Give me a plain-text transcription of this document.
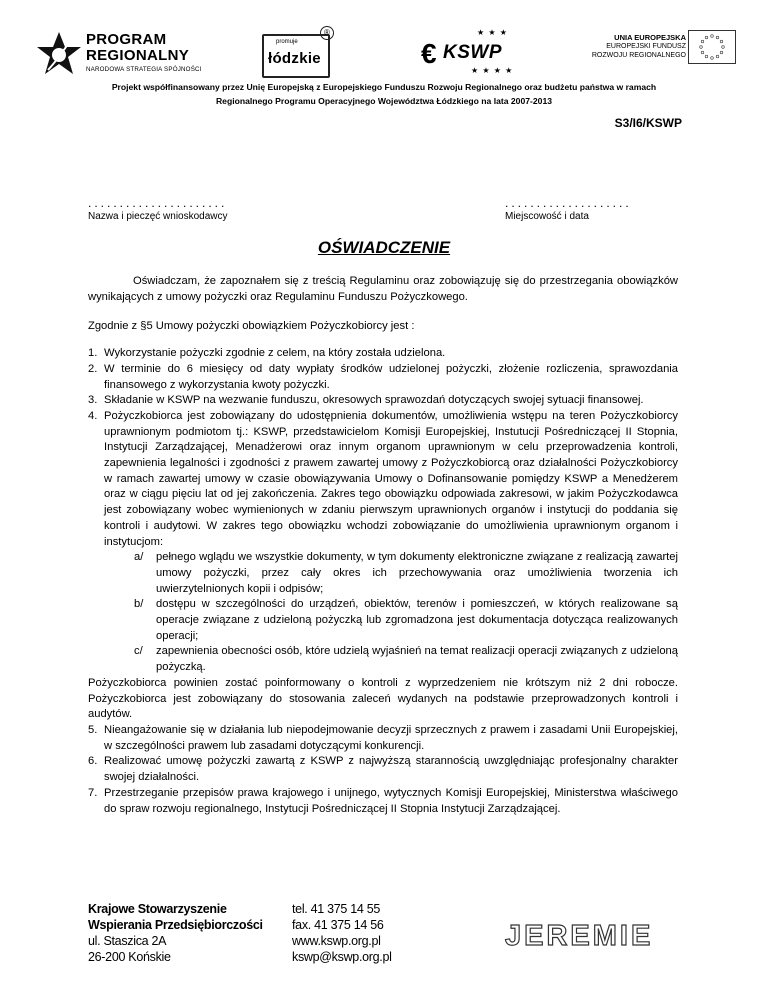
PROGRAM
REGIONALNY
NARODOWA STRATEGIA SPÓJNOŚCI
promuje
łódzkie
®
€ KSWP
★ ★ ★
★ ★ ★ ★
UNIA EUROPEJSKA
EUROPEJSKI FUNDUSZ
ROZWOJU REGIONALNEGO
Projekt współfinansowany przez Unię Europejską z Europejskiego Funduszu Rozwoju Regionalnego oraz budżetu państwa w ramach
Regionalnego Programu Operacyjnego Województwa Łódzkiego na lata 2007-2013
S3/I6/KSWP
......................	....................
Nazwa i pieczęć wnioskodawcy	Miejscowość i data
OŚWIADCZENIE

Oświadczam, że zapoznałem się z treścią Regulaminu oraz zobowiązuję się do przestrzegania obowiązków wynikających z umowy pożyczki oraz Regulaminu Funduszu Pożyczkowego.

Zgodnie z §5 Umowy pożyczki obowiązkiem Pożyczkobiorcy jest :

1. Wykorzystanie pożyczki zgodnie z celem, na który została udzielona.
2. W terminie do 6 miesięcy od daty wypłaty środków udzielonej pożyczki, złożenie rozliczenia, sprawozdania finansowego z wykorzystania kwoty pożyczki.
3. Składanie w KSWP na wezwanie funduszu, okresowych sprawozdań dotyczących swojej sytuacji finansowej.
4. Pożyczkobiorca jest zobowiązany do udostępnienia dokumentów, umożliwienia wstępu na teren Pożyczkobiorcy uprawnionym podmiotom tj.: KSWP, przedstawicielom Komisji Europejskiej, Instutucji Pośredniczącej II Stopnia, Instytucji Zarządzającej, Menadżerowi oraz innym organom uprawnionym w celu przeprowadzenia kontroli, zapewnienia legalności i zgodności z prawem zawartej umowy z Pożyczkobiorcą oraz działalności Pożyczkobiorcy w ramach zawartej umowy w czasie obowiązywania Umowy o Dofinansowanie pomiędzy KSWP a Menedżerem oraz w ciągu pięciu lat od jej zakończenia. Zakres tego obowiązku odpowiada zakresowi, w jakim Pożyczkodawca jest zobowiązany wobec wymienionych w zdaniu pierwszym uprawnionych organów i instytucji do poddania się kontroli i audytowi. W zakres tego obowiązku wchodzi zobowiązanie do umożliwienia uprawnionym organom i instytucjom:
a/	pełnego wglądu we wszystkie dokumenty, w tym dokumenty elektroniczne związane z realizacją zawartej umowy pożyczki, przez cały okres ich przechowywania oraz umożliwienia tworzenia ich uwierzytelnionych kopii i odpisów;
b/	dostępu w szczególności do urządzeń, obiektów, terenów i pomieszczeń, w których realizowane są operacje związane z udzieloną pożyczką lub zgromadzona jest dokumentacja dotycząca realizowanych operacji;
c/	zapewnienia obecności osób, które udzielą wyjaśnień na temat realizacji operacji związanych z udzieloną pożyczką.

Pożyczkobiorca powinien zostać poinformowany o kontroli z wyprzedzeniem nie krótszym niż 2 dni robocze. Pożyczkobiorca jest zobowiązany do stosowania zaleceń wydanych na podstawie przeprowadzonych kontroli i audytów.

5. Nieangażowanie się w działania lub niepodejmowanie decyzji sprzecznych z prawem i zasadami Unii Europejskiej, w szczególności prawem lub zasadami dotyczącymi konkurencji.
6. Realizować umowę pożyczki zawartą z KSWP z najwyższą starannością uwzględniając profesjonalny charakter swojej działalności.
7. Przestrzeganie przepisów prawa krajowego i unijnego, wytycznych Komisji Europejskiej, Ministerstwa właściwego do spraw rozwoju regionalnego, Instytucji Pośredniczącej II Stopnia Instytucji Zarządzającej.
Krajowe Stowarzyszenie
Wspierania Przedsiębiorczości
ul. Staszica 2A
26-200 Końskie
tel. 41 375 14 55
fax. 41 375 14 56
www.kswp.org.pl
kswp@kswp.org.pl
JEREMIE
